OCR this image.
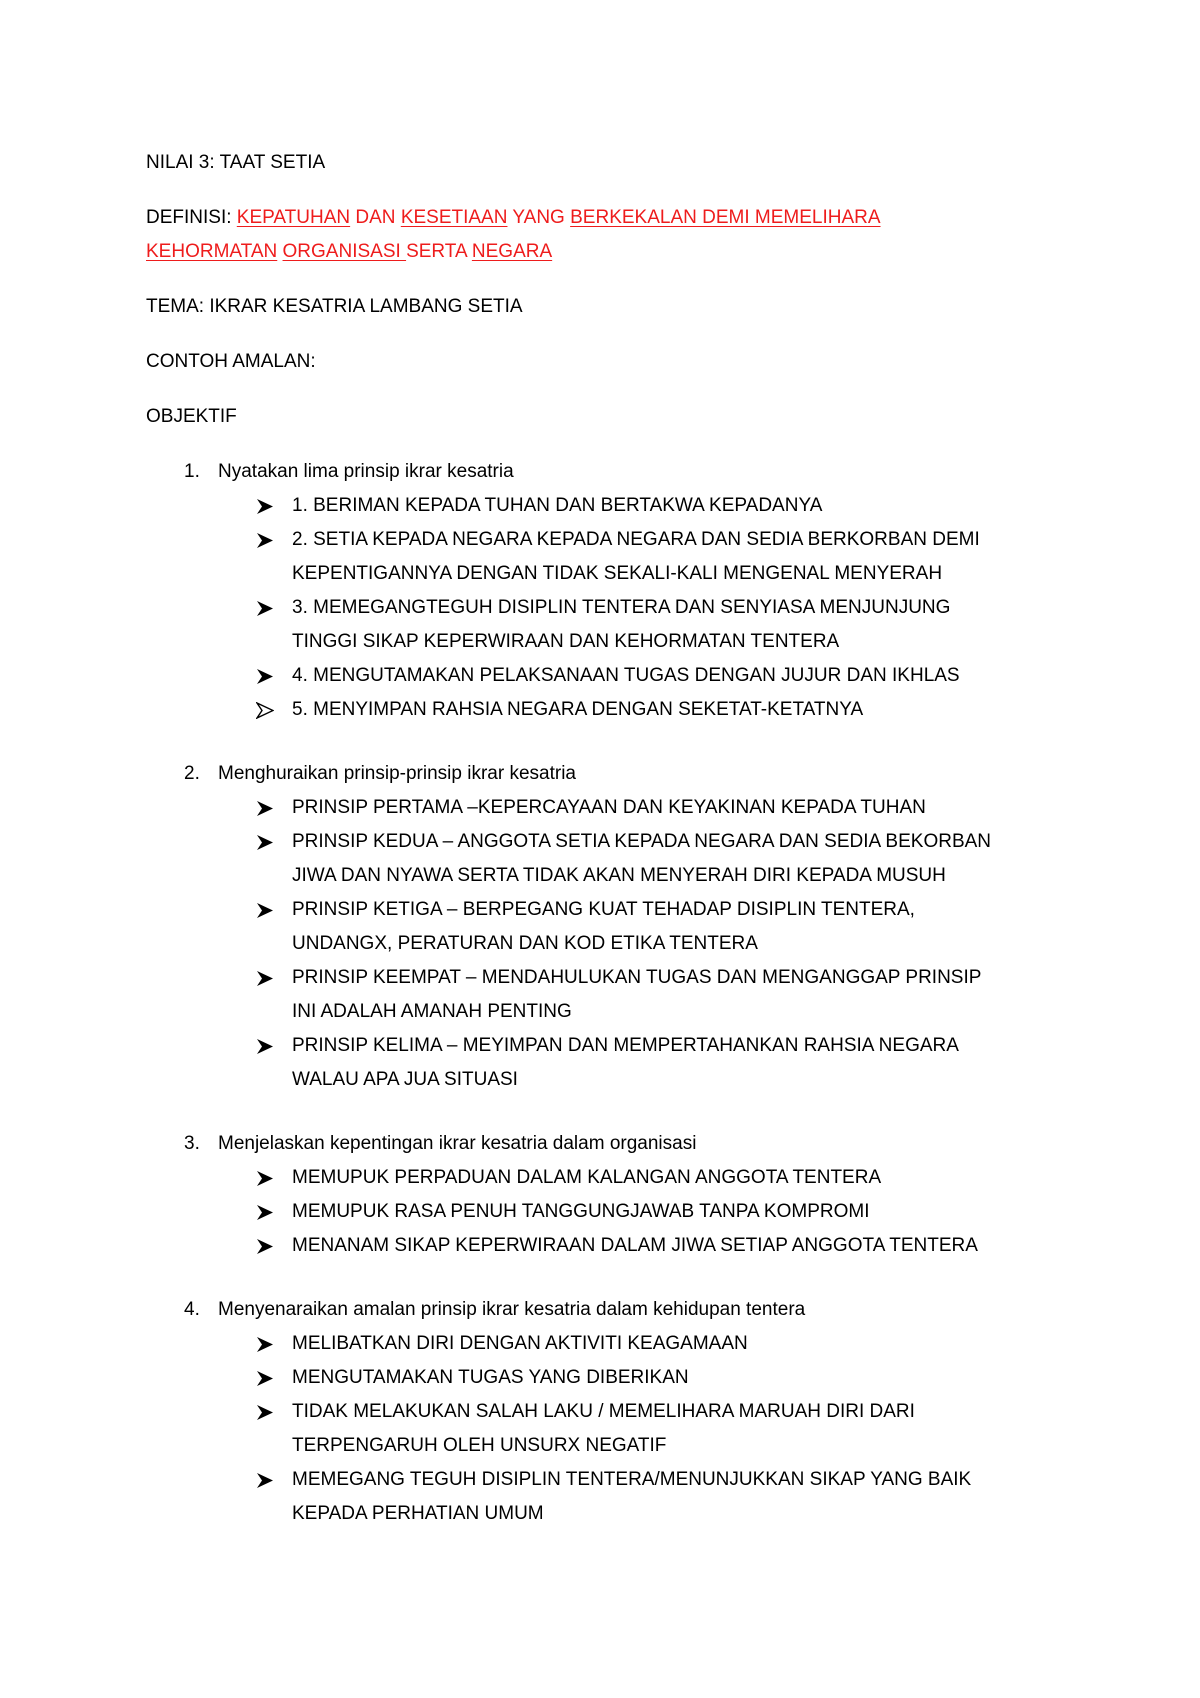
NILAI 3: TAAT SETIA
DEFINISI: KEPATUHAN DAN KESETIAAN YANG BERKEKALAN DEMI MEMELIHARA
KEHORMATAN ORGANISASI SERTA NEGARA
TEMA: IKRAR KESATRIA LAMBANG SETIA
CONTOH AMALAN:
OBJEKTIF
1. Nyatakan lima prinsip ikrar kesatria
1. BERIMAN KEPADA TUHAN DAN BERTAKWA KEPADANYA
2. SETIA KEPADA NEGARA KEPADA NEGARA DAN SEDIA BERKORBAN DEMI
KEPENTIGANNYA DENGAN TIDAK SEKALI-KALI MENGENAL MENYERAH
3. MEMEGANGTEGUH DISIPLIN TENTERA DAN SENYIASA MENJUNJUNG
TINGGI SIKAP KEPERWIRAAN DAN KEHORMATAN TENTERA
4. MENGUTAMAKAN PELAKSANAAN TUGAS DENGAN JUJUR DAN IKHLAS
5. MENYIMPAN RAHSIA NEGARA DENGAN SEKETAT-KETATNYA
2. Menghuraikan prinsip-prinsip ikrar kesatria
PRINSIP PERTAMA –KEPERCAYAAN DAN KEYAKINAN KEPADA TUHAN
PRINSIP KEDUA – ANGGOTA SETIA KEPADA NEGARA DAN SEDIA BEKORBAN
JIWA DAN NYAWA SERTA TIDAK AKAN MENYERAH DIRI KEPADA MUSUH
PRINSIP KETIGA – BERPEGANG KUAT TEHADAP DISIPLIN TENTERA,
UNDANGX, PERATURAN DAN KOD ETIKA TENTERA
PRINSIP KEEMPAT – MENDAHULUKAN TUGAS DAN MENGANGGAP PRINSIP
INI ADALAH AMANAH PENTING
PRINSIP KELIMA – MEYIMPAN DAN MEMPERTAHANKAN RAHSIA NEGARA
WALAU APA JUA SITUASI
3. Menjelaskan kepentingan ikrar kesatria dalam organisasi
MEMUPUK PERPADUAN DALAM KALANGAN ANGGOTA TENTERA
MEMUPUK RASA PENUH TANGGUNGJAWAB TANPA KOMPROMI
MENANAM SIKAP KEPERWIRAAN DALAM JIWA SETIAP ANGGOTA TENTERA
4. Menyenaraikan amalan prinsip ikrar kesatria dalam kehidupan tentera
MELIBATKAN DIRI DENGAN AKTIVITI KEAGAMAAN
MENGUTAMAKAN TUGAS YANG DIBERIKAN
TIDAK MELAKUKAN SALAH LAKU / MEMELIHARA MARUAH DIRI DARI
TERPENGARUH OLEH UNSURX NEGATIF
MEMEGANG TEGUH DISIPLIN TENTERA/MENUNJUKKAN SIKAP YANG BAIK
KEPADA PERHATIAN UMUM
